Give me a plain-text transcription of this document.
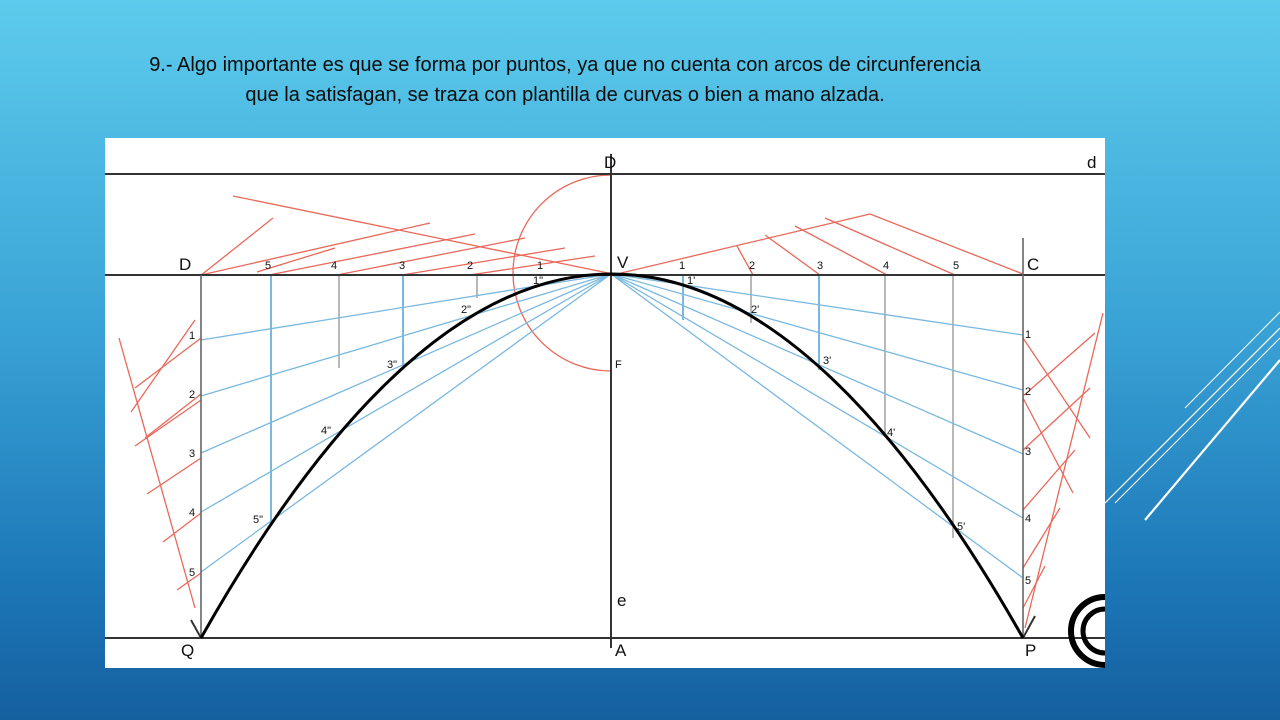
9.- Algo importante es que se forma por puntos, ya que no cuenta con arcos de circunferencia
que la satisfagan, se traza con plantilla de curvas o bien a mano alzada.
D	d
D	V	C
F
e
Q	A	P
5	4	3	2	1	1	2	3	4	5
1
2
3
4
5
1
2
3
4
5
1"
2"
3"
4"
5"
1'
2'
3'
4'
5'
